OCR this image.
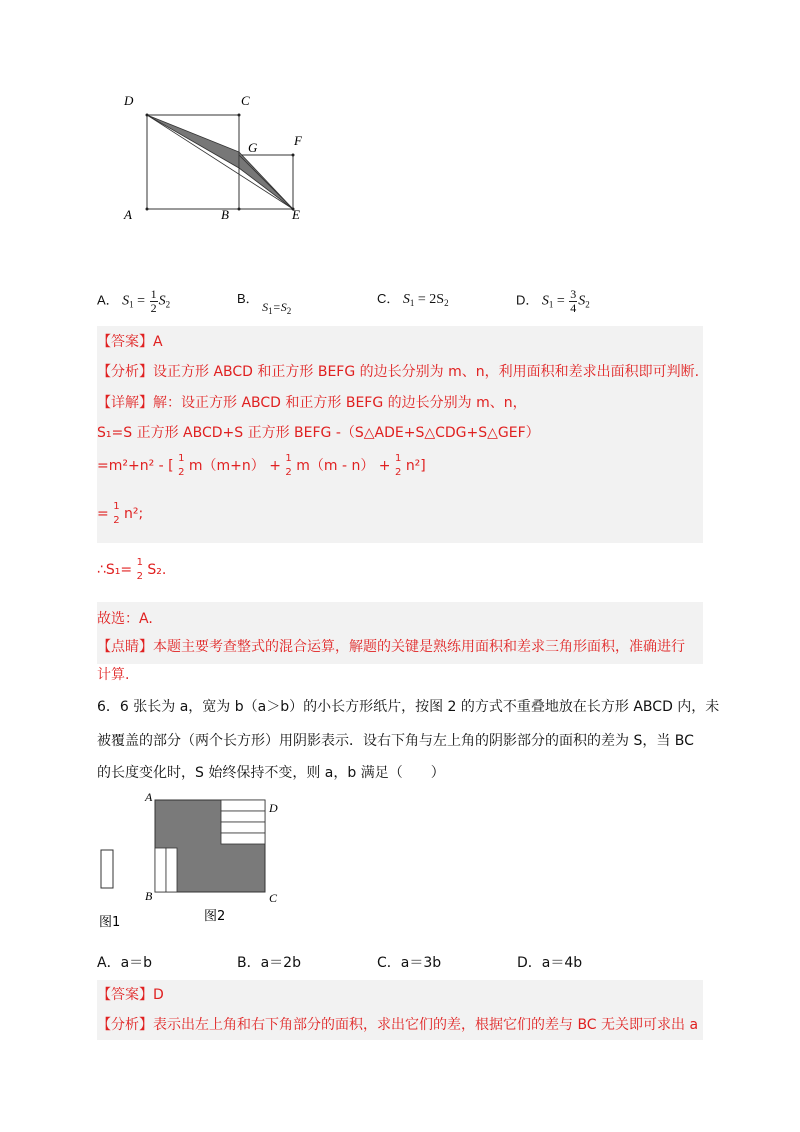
D	C
G	F
A	B	E
A． $S_1 = \frac{1}{2} S_2$	B． $S_1=S_2$
C． $S_1 = 2S_2$	D． $S_1 = \frac{3}{4} S_2$
【答案】A
【分析】设正方形 ABCD 和正方形 BEFG 的边长分别为 m、n，利用面积和差求出面积即可判断.
【详解】解：设正方形 ABCD 和正方形 BEFG 的边长分别为 m、n，
S₁=S 正方形 ABCD+S 正方形 BEFG -（S△ADE+S△CDG+S△GEF）
=m²+n² - [ 1
2 m（m+n） + 1
2 m（m - n） + 1
2 n²]
= 1
2 n²;
∴S₁= 1
2 S₂.
故选：A.
【点睛】本题主要考查整式的混合运算，解题的关键是熟练用面积和差求三角形面积，准确进行
计算.
6．6 张长为 a，宽为 b（a＞b）的小长方形纸片，按图 2 的方式不重叠地放在长方形 ABCD 内，未
被覆盖的部分（两个长方形）用阴影表示．设右下角与左上角的阴影部分的面积的差为 S，当 BC
的长度变化时，S 始终保持不变，则 a，b 满足（　　）
A
D
B	C
图1	图2
A．a＝b	B．a＝2b	C．a＝3b	D．a＝4b
【答案】D
【分析】表示出左上角和右下角部分的面积，求出它们的差，根据它们的差与 BC 无关即可求出 a
